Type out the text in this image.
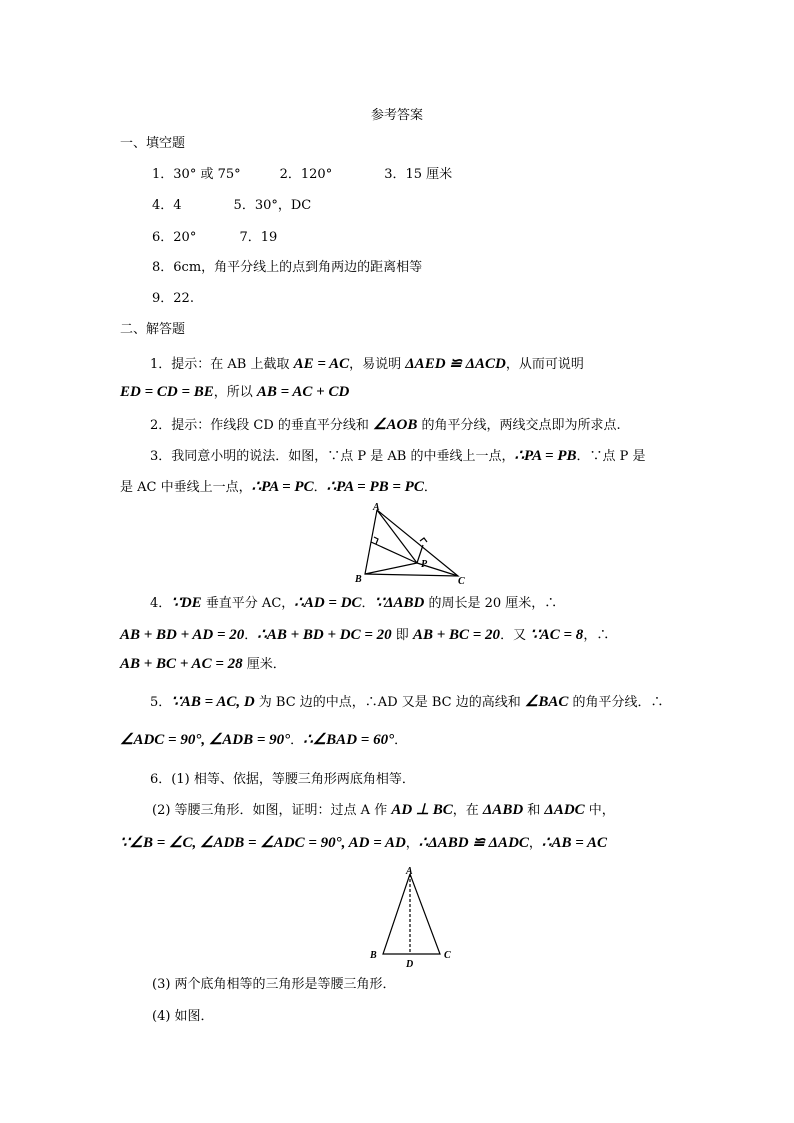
参考答案
一、填空题
1．30° 或 75°　　　2．120°　　　　3．15 厘米
4．4　　　　5．30°，DC
6．20°　　　 7．19
8．6cm，角平分线上的点到角两边的距离相等
9．22.
二、解答题
1．提示：在 AB 上截取 AE = AC，易说明 ΔAED ≌ ΔACD，从而可说明
ED = CD = BE，所以 AB = AC + CD
2．提示：作线段 CD 的垂直平分线和 ∠AOB 的角平分线，两线交点即为所求点.
3．我同意小明的说法．如图，∵点 P 是 AB 的中垂线上一点，∴PA = PB．∵点 P 是
是 AC 中垂线上一点，∴PA = PC．∴PA = PB = PC．
4．∵DE 垂直平分 AC，∴AD = DC．∵ΔABD 的周长是 20 厘米，∴
AB + BD + AD = 20．∴AB + BD + DC = 20 即 AB + BC = 20．又 ∵AC = 8，∴
AB + BC + AC = 28 厘米．
5．∵AB = AC, D 为 BC 边的中点，∴AD 又是 BC 边的高线和 ∠BAC 的角平分线．∴
∠ADC = 90°, ∠ADB = 90°．∴∠BAD = 60°．
6．(1) 相等、依据，等腰三角形两底角相等．
(2) 等腰三角形．如图，证明：过点 A 作 AD ⊥ BC，在 ΔABD 和 ΔADC 中，
∵∠B = ∠C, ∠ADB = ∠ADC = 90°, AD = AD，∴ΔABD ≌ ΔADC，∴AB = AC
(3) 两个底角相等的三角形是等腰三角形．
(4) 如图．
A
B	C
P
A
B	C
D
